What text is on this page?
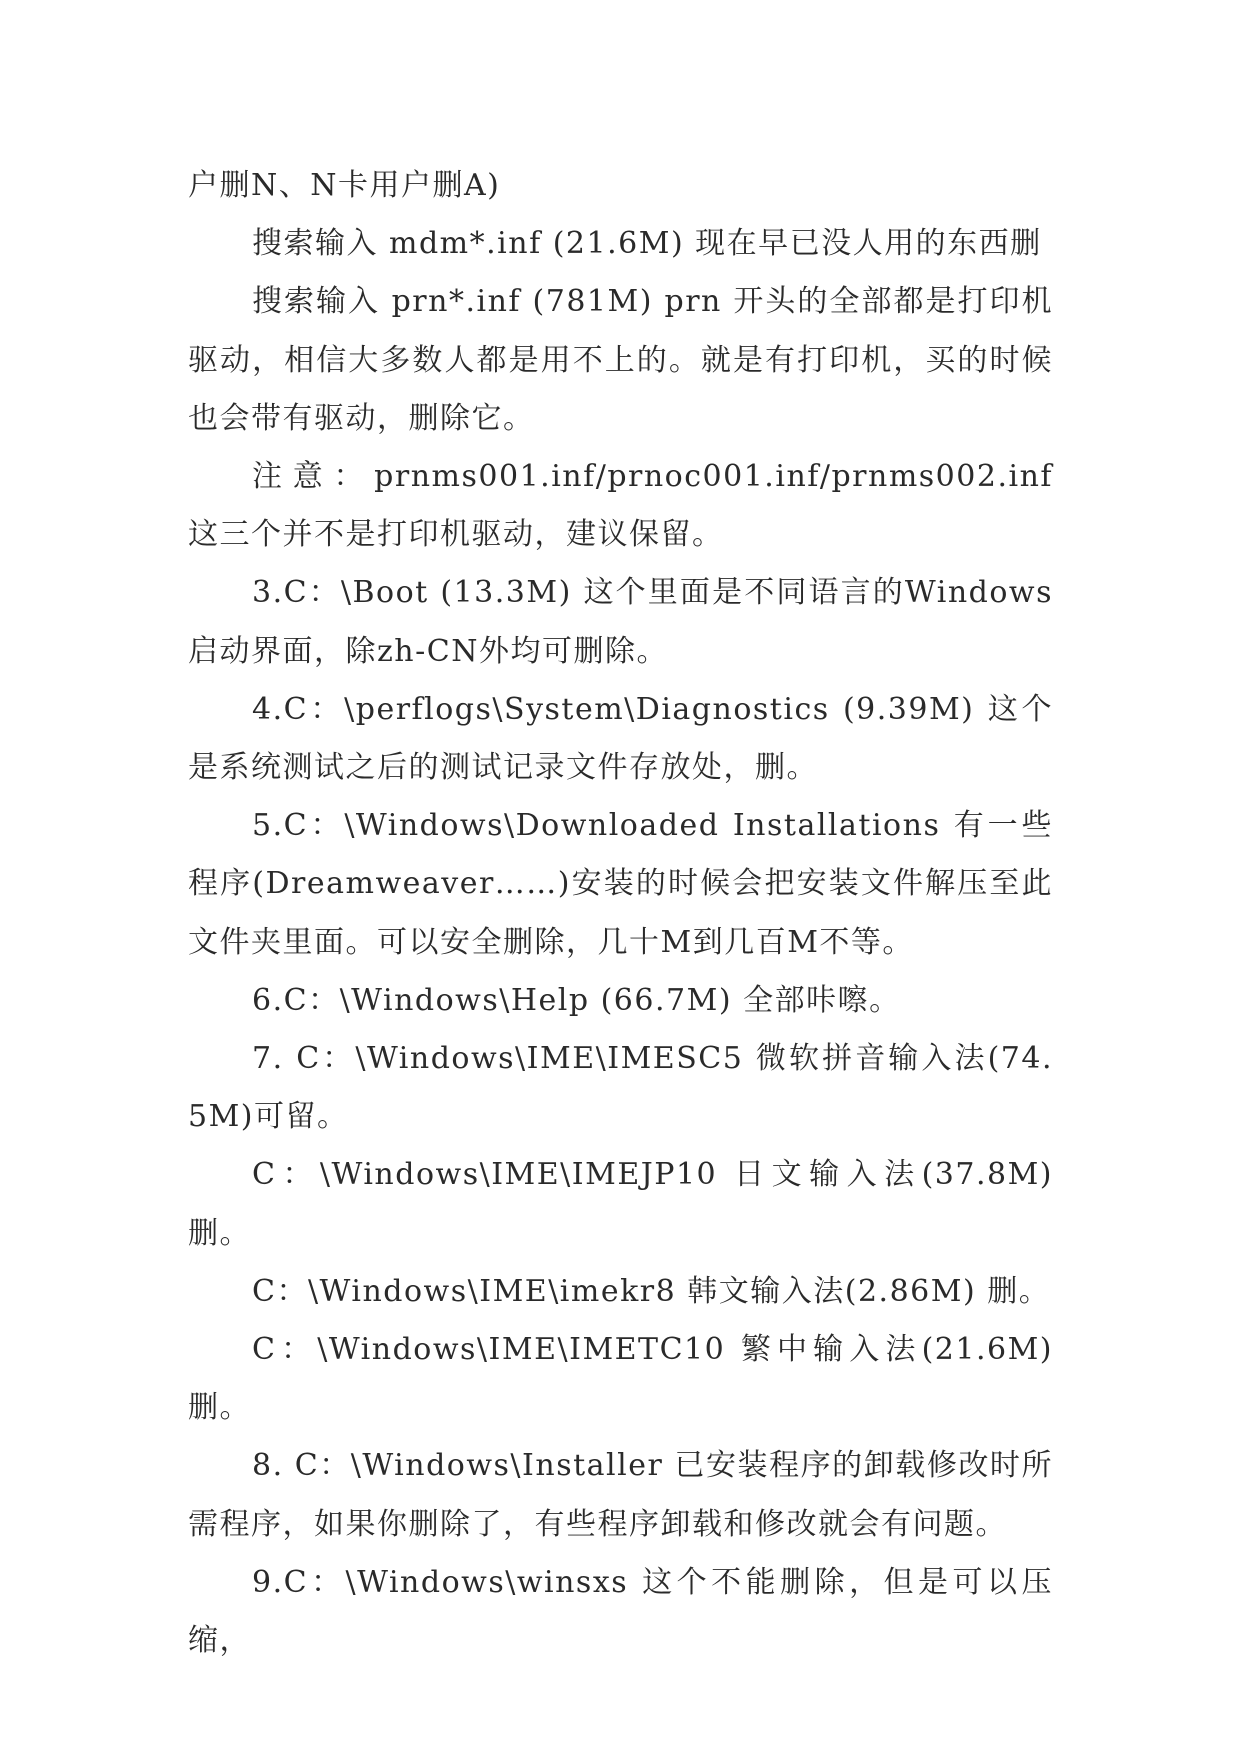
户删N、N卡用户删A)

搜索输入 mdm*.inf (21.6M) 现在早已没人用的东西删

搜索输入 prn*.inf (781M) prn 开头的全部都是打印机驱动，相信大多数人都是用不上的。就是有打印机，买的时候也会带有驱动，删除它。

注意：prnms001.inf/prnoc001.inf/prnms002.inf 这三个并不是打印机驱动，建议保留。

3.C：\Boot (13.3M) 这个里面是不同语言的Windows启动界面，除zh-CN外均可删除。

4.C：\perflogs\System\Diagnostics (9.39M) 这个是系统测试之后的测试记录文件存放处，删。

5.C：\Windows\Downloaded Installations 有一些程序(Dreamweaver……)安装的时候会把安装文件解压至此文件夹里面。可以安全删除，几十M到几百M不等。

6.C：\Windows\Help (66.7M) 全部咔嚓。

7. C：\Windows\IME\IMESC5 微软拼音输入法(74.5M)可留。

C：\Windows\IME\IMEJP10 日文输入法(37.8M) 删。

C：\Windows\IME\imekr8 韩文输入法(2.86M) 删。

C：\Windows\IME\IMETC10 繁中输入法(21.6M) 删。

8. C：\Windows\Installer 已安装程序的卸载修改时所需程序，如果你删除了，有些程序卸载和修改就会有问题。

9.C：\Windows\winsxs 这个不能删除，但是可以压缩，
